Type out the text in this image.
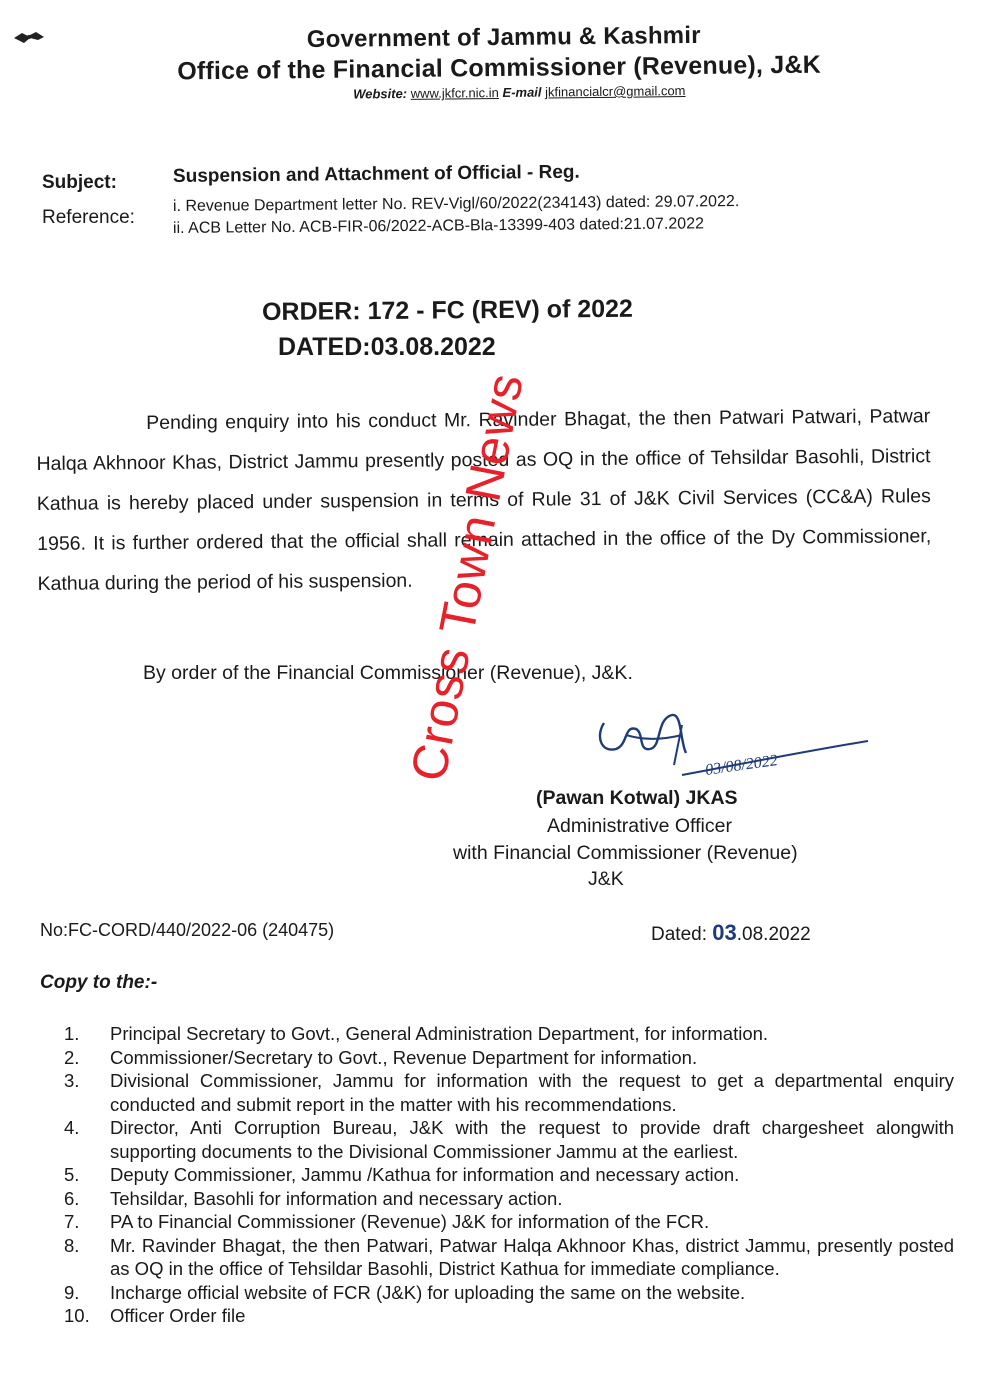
Government of Jammu & Kashmir
Office of the Financial Commissioner (Revenue), J&K
Website: www.jkfcr.nic.in E-mail jkfinancialcr@gmail.com
Subject:	Suspension and Attachment of Official - Reg.
Reference:
i. Revenue Department letter No. REV-Vigl/60/2022(234143) dated: 29.07.2022.
ii. ACB Letter No. ACB-FIR-06/2022-ACB-Bla-13399-403 dated:21.07.2022
ORDER: 172 - FC (REV) of 2022
DATED:03.08.2022
Pending enquiry into his conduct Mr. Ravinder Bhagat, the then Patwari Patwari, Patwar Halqa Akhnoor Khas, District Jammu presently posted as OQ in the office of Tehsildar Basohli, District Kathua is hereby placed under suspension in terms of Rule 31 of J&K Civil Services (CC&A) Rules 1956. It is further ordered that the official shall remain attached in the office of the Dy Commissioner, Kathua during the period of his suspension.
By order of the Financial Commissioner (Revenue), J&K.
03/08/2022
(Pawan Kotwal) JKAS
Administrative Officer
with Financial Commissioner (Revenue)
J&K
No:FC-CORD/440/2022-06 (240475)	Dated: 03.08.2022
Copy to the:-
1.	Principal Secretary to Govt., General Administration Department, for information.
2.	Commissioner/Secretary to Govt., Revenue Department for information.
3.	Divisional Commissioner, Jammu for information with the request to get a departmental enquiry conducted and submit report in the matter with his recommendations.
4.	Director, Anti Corruption Bureau, J&K with the request to provide draft chargesheet alongwith supporting documents to the Divisional Commissioner Jammu at the earliest.
5.	Deputy Commissioner, Jammu /Kathua for information and necessary action.
6.	Tehsildar, Basohli for information and necessary action.
7.	PA to Financial Commissioner (Revenue) J&K for information of the FCR.
8.	Mr. Ravinder Bhagat, the then Patwari, Patwar Halqa Akhnoor Khas, district Jammu, presently posted as OQ in the office of Tehsildar Basohli, District Kathua for immediate compliance.
9.	Incharge official website of FCR (J&K) for uploading the same on the website.
10.	Officer Order file
Cross Town News
